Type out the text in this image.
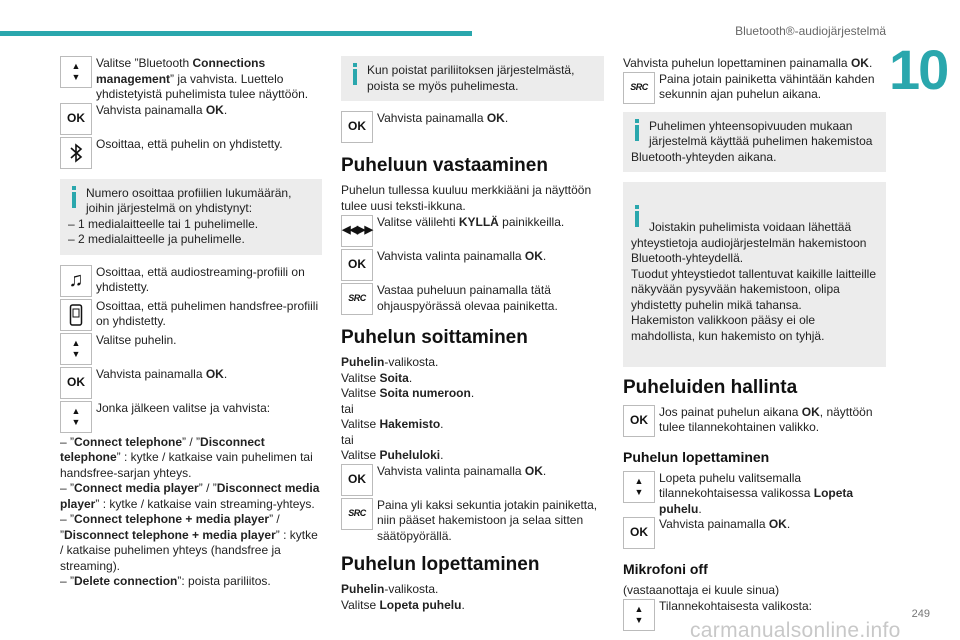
Bluetooth®-audiojärjestelmä
10
▲
▼
Valitse ”Bluetooth Connections management” ja vahvista. Luettelo yhdistetyistä puhelimista tulee näyttöön.
OK
Vahvista painamalla OK.
Osoittaa, että puhelin on yhdistetty.
Numero osoittaa profiilien lukumäärän, joihin järjestelmä on yhdistynyt:
– 1 medialaitteelle tai 1 puhelimelle.
– 2 medialaitteelle ja puhelimelle.
♫	Osoittaa, että audiostreaming-profiili on yhdistetty.
Osoittaa, että puhelimen handsfree-profiili on yhdistetty.
▲
▼
Valitse puhelin.
OK
Vahvista painamalla OK.
▲
▼
Jonka jälkeen valitse ja vahvista:
– ”Connect telephone” / ”Disconnect telephone” : kytke / katkaise vain puhelimen tai handsfree-sarjan yhteys.
– ”Connect media player” / ”Disconnect media player” : kytke / katkaise vain streaming-yhteys.
– ”Connect telephone + media player” / ”Disconnect telephone + media player” : kytke / katkaise puhelimen yhteys (handsfree ja streaming).
– ”Delete connection”: poista pariliitos.
Kun poistat pariliitoksen järjestelmästä, poista se myös puhelimesta.
OK
Vahvista painamalla OK.
Puheluun vastaaminen
Puhelun tullessa kuuluu merkkiääni ja näyttöön tulee uusi teksti-ikkuna.
◀◀▶▶
Valitse välilehti KYLLÄ painikkeilla.
OK
Vahvista valinta painamalla OK.
SRC
Vastaa puheluun painamalla tätä ohjauspyörässä olevaa painiketta.
Puhelun soittaminen
Puhelin-valikosta.
Valitse Soita.
Valitse Soita numeroon.
tai
Valitse Hakemisto.
tai
Valitse Puheluloki.
OK
Vahvista valinta painamalla OK.
SRC
Paina yli kaksi sekuntia jotakin painiketta, niin pääset hakemistoon ja selaa sitten säätöpyörällä.
Puhelun lopettaminen
Puhelin-valikosta.
Valitse Lopeta puhelu.
Vahvista puhelun lopettaminen painamalla OK.
SRC
Paina jotain painiketta vähintään kahden sekunnin ajan puhelun aikana.
Puhelimen yhteensopivuuden mukaan järjestelmä käyttää puhelimen hakemistoa Bluetooth-yhteyden aikana.

Joistakin puhelimista voidaan lähettää yhteystietoja audiojärjestelmän hakemistoon Bluetooth-yhteydellä.
Tuodut yhteystiedot tallentuvat kaikille laitteille näkyvään pysyvään hakemistoon, olipa yhdistetty puhelin mikä tahansa.
Hakemiston valikkoon pääsy ei ole mahdollista, kun hakemisto on tyhjä.

Puheluiden hallinta
OK
Jos painat puhelun aikana OK, näyttöön tulee tilannekohtainen valikko.
Puhelun lopettaminen
▲
▼
Lopeta puhelu valitsemalla tilannekohtaisessa valikossa Lopeta puhelu.
OK
Vahvista painamalla OK.
Mikrofoni off
(vastaanottaja ei kuule sinua)
▲
▼
Tilannekohtaisesta valikosta:
249
carmanualsonline.info
